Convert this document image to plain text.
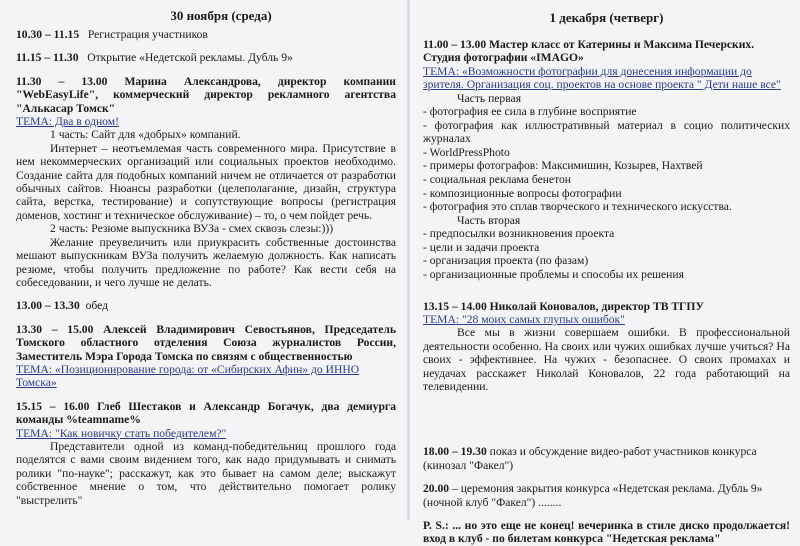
30 ноября (среда)

10.30 – 11.15 Регистрация участников

11.15 – 11.30 Открытие «Недетской рекламы. Дубль 9»

11.30 – 13.00 Марина Александрова, директор компании "WebEasyLife", коммерческий директор рекламного агентства "Алькасар Томск"

ТЕМА: Два в одном!

1 часть: Сайт для «добрых» компаний.

Интернет – неотъемлемая часть современного мира. Присутствие в нем некоммерческих организаций или социальных проектов необходимо. Создание сайта для подобных компаний ничем не отличается от разработки обычных сайтов. Нюансы разработки (целеполагание, дизайн, структура сайта, верстка, тестирование) и сопутствующие вопросы (регистрация доменов, хостинг и техническое обслуживание) – то, о чем пойдет речь.

2 часть: Резюме выпускника ВУЗа - смех сквозь слезы:)))

Желание преувеличить или приукрасить собственные достоинства мешают выпускникам ВУЗа получить желаемую должность. Как написать резюме, чтобы получить предложение по работе? Как вести себя на собеседовании, и чего лучше не делать.

13.00 – 13.30 обед

13.30 – 15.00 Алексей Владимирович Севостьянов, Председатель Томского областного отделения Союза журналистов России, Заместитель Мэра Города Томска по связям с общественностью

ТЕМА: «Позиционирование города: от «Сибирских Афин» до ИННО Томска»

15.15 – 16.00 Глеб Шестаков и Александр Богачук, два демиурга команды %teamname%

ТЕМА: "Как новичку стать победителем?"

Представители одной из команд-победительниц прошлого года поделятся с вами своим видением того, как надо придумывать и снимать ролики "по-науке"; расскажут, как это бывает на самом деле; выскажут собственное мнение о том, что действительно помогает ролику "выстрелить"

1 декабря (четверг)

11.00 – 13.00 Мастер класс от Катерины и Максима Печерских. Студия фотографии «IMAGO»

ТЕМА: «Возможности фотографии для донесения информации до зрителя. Организация соц. проектов на основе проекта " Дети наше все"

Часть первая

- фотография ее сила в глубине восприятие

- фотография как иллюстративный материал в социо политических журналах

- WorldPressPhoto

- примеры фотографов: Максимишин, Козырев, Нахтвей

- социальная реклама бенетон

- композиционные вопросы фотографии

- фотография это сплав творческого и технического искусства.

Часть вторая

- предпосылки возникновения проекта

- цели и задачи проекта

- организация проекта (по фазам)

- организационные проблемы и способы их решения

13.15 – 14.00 Николай Коновалов, директор ТВ ТГПУ

ТЕМА: "28 моих самых глупых ошибок"

Все мы в жизни совершаем ошибки. В профессиональной деятельности особенно. На своих или чужих ошибках лучше учиться? На своих - эффективнее. На чужих - безопаснее. О своих промахах и неудачах расскажет Николай Коновалов, 22 года работающий на телевидении.

18.00 – 19.30 показ и обсуждение видео-работ участников конкурса (кинозал "Факел")

20.00 – церемония закрытия конкурса «Недетская реклама. Дубль 9» (ночной клуб "Факел") ........

P. S.: ... но это еще не конец! вечеринка в стиле диско продолжается! вход в клуб - по билетам конкурса "Недетская реклама"
